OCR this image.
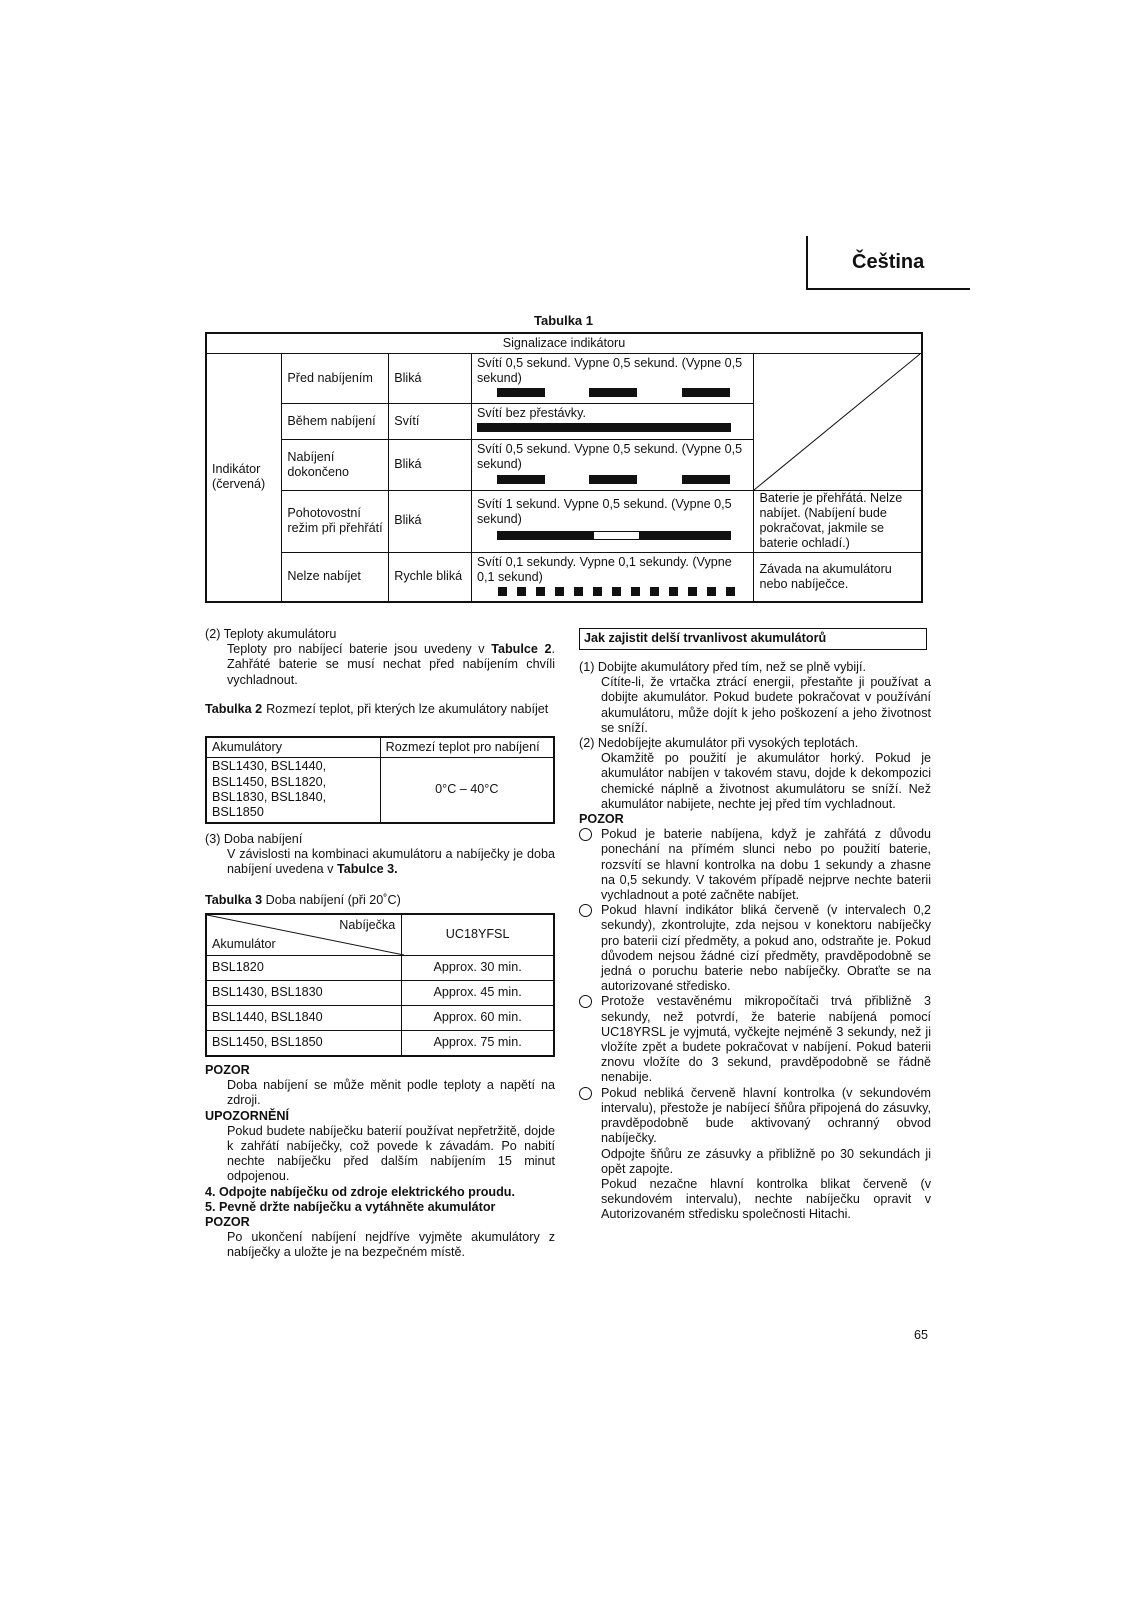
Čeština
Tabulka 1
Signalizace indikátoru				
Indikátor (červená)	Před nabíjením	Bliká	Svítí 0,5 sekund. Vypne 0,5 sekund. (Vypne 0,5 sekund)

	Během nabíjení	Svítí	Svítí bez přestávky.	

	Nabíjení dokončeno	Bliká	Svítí 0,5 sekund. Vypne 0,5 sekund. (Vypne 0,5 sekund)	

	Pohotovostní režim při přehřátí	Bliká	Svítí 1 sekund. Vypne 0,5 sekund. (Vypne 0,5 sekund)	Baterie je přehřátá. Nelze nabíjet. (Nabíjení bude pokračovat, jakmile se baterie ochladí.)
	Nelze nabíjet	Rychle bliká	Svítí 0,1 sekundy. Vypne 0,1 sekundy. (Vypne 0,1 sekund)	Závada na akumulátoru nebo nabíječce.
(2) Teploty akumulátoru
Teploty pro nabíjecí baterie jsou uvedeny v Tabulce 2. Zahřáté baterie se musí nechat před nabíjením chvíli vychladnout.
Tabulka 2 Rozmezí teplot, při kterých lze akumulátory nabíjet
Akumulátory	Rozmezí teplot pro nabíjení
BSL1430, BSL1440, BSL1450, BSL1820, BSL1830, BSL1840, BSL1850	0°C – 40°C
(3) Doba nabíjení
V závislosti na kombinaci akumulátoru a nabíječky je doba nabíjení uvedena v Tabulce 3.
Tabulka 3 Doba nabíjení (při 20˚C)
Nabíječka
Akumulátor	UC18YFSL
BSL1820	Approx. 30 min.
BSL1430, BSL1830	Approx. 45 min.
BSL1440, BSL1840	Approx. 60 min.
BSL1450, BSL1850	Approx. 75 min.
POZOR
Doba nabíjení se může měnit podle teploty a napětí na zdroji.
UPOZORNĚNÍ
Pokud budete nabíječku baterií používat nepřetržitě, dojde k zahřátí nabíječky, což povede k závadám. Po nabití nechte nabíječku před dalším nabíjením 15 minut odpojenou.
4. Odpojte nabíječku od zdroje elektrického proudu.
5. Pevně držte nabíječku a vytáhněte akumulátor
POZOR
Po ukončení nabíjení nejdříve vyjměte akumulátory z nabíječky a uložte je na bezpečném místě.
Jak zajistit delší trvanlivost akumulátorů
(1) Dobijte akumulátory před tím, než se plně vybijí.
Cítíte-li, že vrtačka ztrácí energii, přestaňte ji používat a dobijte akumulátor. Pokud budete pokračovat v používání akumulátoru, může dojít k jeho poškození a jeho životnost se sníží.
(2) Nedobíjejte akumulátor při vysokých teplotách.
Okamžitě po použití je akumulátor horký. Pokud je akumulátor nabíjen v takovém stavu, dojde k dekompozici chemické náplně a životnost akumulátoru se sníží. Než akumulátor nabijete, nechte jej před tím vychladnout.
POZOR
Pokud je baterie nabíjena, když je zahřátá z důvodu ponechání na přímém slunci nebo po použití baterie, rozsvítí se hlavní kontrolka na dobu 1 sekundy a zhasne na 0,5 sekundy. V takovém případě nejprve nechte baterii vychladnout a poté začněte nabíjet.
Pokud hlavní indikátor bliká červeně (v intervalech 0,2 sekundy), zkontrolujte, zda nejsou v konektoru nabíječky pro baterii cizí předměty, a pokud ano, odstraňte je. Pokud důvodem nejsou žádné cizí předměty, pravděpodobně se jedná o poruchu baterie nebo nabíječky. Obraťte se na autorizované středisko.
Protože vestavěnému mikropočítači trvá přibližně 3 sekundy, než potvrdí, že baterie nabíjená pomocí UC18YRSL je vyjmutá, vyčkejte nejméně 3 sekundy, než ji vložíte zpět a budete pokračovat v nabíjení. Pokud baterii znovu vložíte do 3 sekund, pravděpodobně se řádně nenabije.
Pokud nebliká červeně hlavní kontrolka (v sekundovém intervalu), přestože je nabíjecí šňůra připojená do zásuvky, pravděpodobně bude aktivovaný ochranný obvod nabíječky.
Odpojte šňůru ze zásuvky a přibližně po 30 sekundách ji opět zapojte.
Pokud nezačne hlavní kontrolka blikat červeně (v sekundovém intervalu), nechte nabíječku opravit v Autorizovaném středisku společnosti Hitachi.
65
